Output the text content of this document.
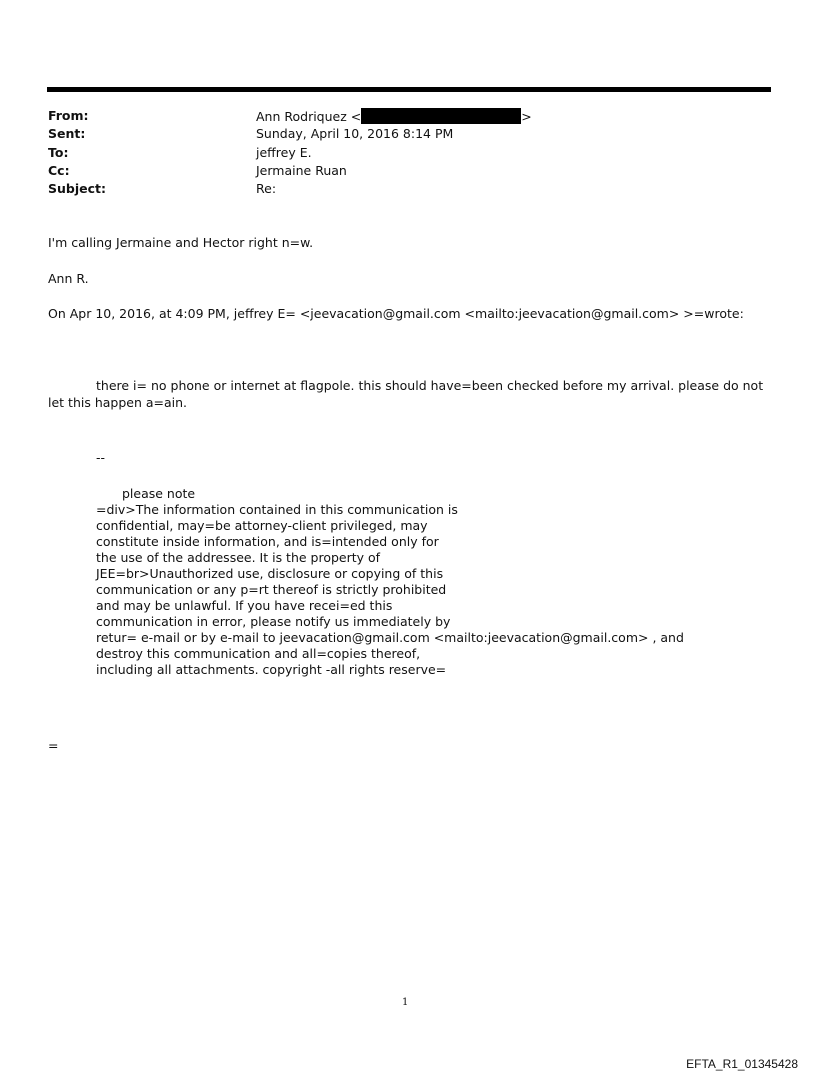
From:	Ann Rodriquez <	>
Sent:	Sunday, April 10, 2016 8:14 PM
To:	jeffrey E.
Cc:	Jermaine Ruan
Subject:	Re:
I'm calling Jermaine and Hector right n=w.
Ann R.
On Apr 10, 2016, at 4:09 PM, jeffrey E= <jeevacation@gmail.com <mailto:jeevacation@gmail.com> >=wrote:
there i= no phone or internet at flagpole. this should have=been checked before my arrival. please do not let this happen a=ain.
--
please note
=div>The information contained in this communication is
confidential, may=be attorney-client privileged, may
constitute inside information, and is=intended only for
the use of the addressee. It is the property of
JEE=br>Unauthorized use, disclosure or copying of this
communication or any p=rt thereof is strictly prohibited
and may be unlawful. If you have recei=ed this
communication in error, please notify us immediately by
retur= e-mail or by e-mail to jeevacation@gmail.com <mailto:jeevacation@gmail.com> , and
destroy this communication and all=copies thereof,
including all attachments. copyright -all rights reserve=
=
1
EFTA_R1_01345428
